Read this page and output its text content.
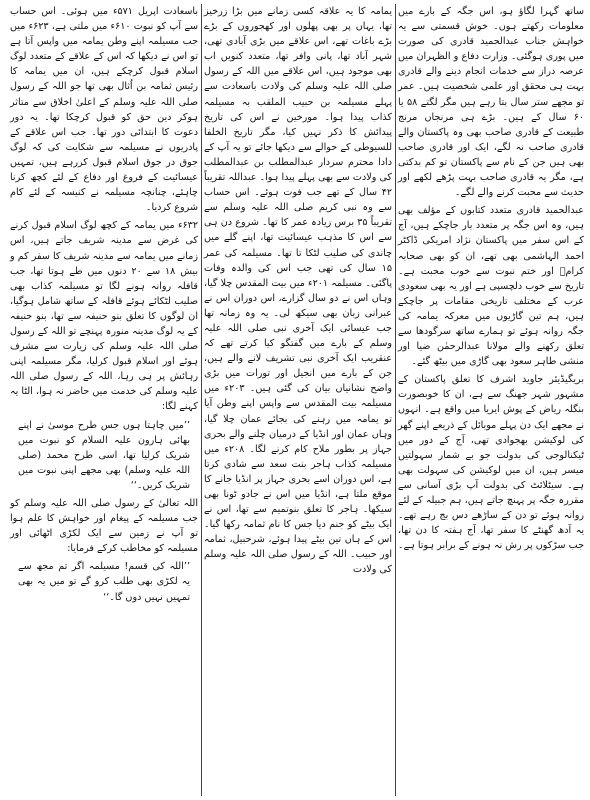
ساتھ گہرا لگاؤ ہو، اس جگہ کے بارے میں معلومات رکھتے ہوں۔ خوش قسمتی سے یہ خواہش جناب عبدالحمید قادری کی صورت میں پوری ہوگئی۔ وزارت دفاع و الظہران میں عرصہ دراز سے خدمات انجام دینے والے قادری بہت ہی محقق اور علمی شخصیت ہیں۔ عمر تو مجھے ستر سال بتا رہے ہیں مگر لگتے ۵۸ یا ۶۰ سال کے ہیں۔ بڑے ہی مرنجاں مرنج طبیعت کے قادری صاحب بھی وہ پاکستان والے قادری صاحب نہ لگے، ایک اور قادری صاحب بھی ہیں جن کے نام سے پاکستان تو کم بدکتی ہے، مگر یہ قادری صاحب بہت پڑھے لکھے اور حدیث سے محبت کرنے والے لگے۔

عبدالحمید قادری متعدد کتابوں کے مؤلف بھی ہیں، وہ اس جگہ پر متعدد بار جاچکے ہیں، آج کے اس سفر میں پاکستان نژاد امریکی ڈاکٹر احمد الہاشمی بھی تھے، ان کو بھی صحابہ کرامؓ اور ختم نبوت سے خوب محبت ہے۔ تاریخ سے خوب دلچسپی ہے اور یہ بھی سعودی عرب کے مختلف تاریخی مقامات پر جاچکے ہیں، ہم تین گاڑیوں میں معرکہ یمامہ کی جگہ روانہ ہوئے تو ہمارے ساتھ سرگودھا سے تعلق رکھنے والے مولانا عبدالرحمٰن ضیا اور منشی طاہر سعود بھی گاڑی میں بیٹھ گئے۔

بریگیڈیئر جاوید اشرف کا تعلق پاکستان کے مشہور شہر جھنگ سے ہے، ان کا خوبصورت بنگلہ ریاض کے پوش ایریا میں واقع ہے۔ انہوں نے مجھے ایک دن پہلے موبائل کے ذریعے اپنے گھر کی لوکیشن بھجوادی تھی، آج کے دور میں ٹیکنالوجی کی بدولت جو بے شمار سہولتیں میسر ہیں، ان میں لوکیشن کی سہولت بھی ہے۔ سیٹلائٹ کی بدولت آپ بڑی آسانی سے مقررہ جگہ پر پہنچ جاتے ہیں، ہم جبیلہ کے لئے روانہ ہوئے تو دن کے ساڑھے دس بج رہے تھے۔ یہ آدھ گھنٹے کا سفر تھا، آج ہفتہ کا دن تھا، جب سڑکوں پر رش نہ ہونے کے برابر ہوتا ہے۔

یمامہ کا یہ علاقہ کسی زمانے میں بڑا زرخیز تھا، یہاں پر بھی پھلوں اور کھجوروں کے بڑے بڑے باغات تھے، اس علاقے میں بڑی آبادی تھی، شہر آباد تھا، پانی وافر تھا، متعدد کنویں اب بھی موجود ہیں، اس علاقے میں اللہ کے رسول صلی اللہ علیہ وسلم کی ولادت باسعادت سے پہلے مسیلمہ بن حبیب الملقب بہ مسیلمہ کذاب پیدا ہوا۔ مورخین نے اس کی تاریخ پیدائش کا ذکر نہیں کیا، مگر تاریخ الخلفا للسیوطی کے حوالے سے دیکھا جائے تو یہ آپ کے دادا محترم سردار عبدالمطلب بن عبدالمطلب کی ولادت سے بھی پہلے پیدا ہوا۔ عبداللہ تقریباً ۴۲ سال کے تھے جب فوت ہوئے۔ اس حساب سے وہ نبی کریم صلی اللہ علیہ وسلم سے تقریباً ۳۵ برس زیادہ عمر کا تھا۔ شروع دن ہی سے اس کا مذہب عیسائیت تھا، اپنے گلے میں چاندی کی صلیب لٹکا تا تھا۔ مسیلمہ کی عمر ۱۵ سال کی تھی جب اس کی والدہ وفات پاگئی۔ مسیلمہ ۲۰۱ء میں بیت المقدس چلا گیا، وہاں اس نے دو سال گزارے، اس دوران اس نے عبرانی زبان بھی سیکھ لی۔ یہ وہ زمانہ تھا جب عیسائی ایک آخری نبی صلی اللہ علیہ وسلم کے بارے میں گفتگو کیا کرتے تھے کہ عنقریب ایک آخری نبی تشریف لانے والے ہیں، جن کے بارے میں انجیل اور تورات میں بڑی واضح نشانیاں بیان کی گئی ہیں۔ ۲۰۳ء میں مسیلمہ بیت المقدس سے واپس اپنے وطن آیا تو یمامہ میں رہنے کی بجائے عمان چلا گیا، وہاں عمان اور انڈیا کے درمیان چلنے والے بحری جہاز پر بطور ملاح کام کرنے لگا۔ ۲۰۸ء میں مسیلمہ کذاب ہاجر بنت سعد سے شادی کرتا ہے، اس دوران اسے بحری جہاز پر انڈیا جانے کا موقع ملتا ہے، انڈیا میں اس نے جادو ٹونا بھی سیکھا۔ ہاجر کا تعلق بنوتمیم سے تھا، اس نے ایک بیٹے کو جنم دیا جس کا نام ثمامہ رکھا گیا۔ اس کے ہاں تین بیٹے پیدا ہوئے، شرحبیل، ثمامہ اور حبیب۔ اللہ کے رسول صلی اللہ علیہ وسلم کی ولادت

باسعادت اپریل ۵۷۱ء میں ہوئی۔ اس حساب سے آپ کو نبوت ۶۱۰ء میں ملتی ہے، ۶۲۳ء میں جب مسیلمہ اپنے وطن یمامہ میں واپس آتا ہے تو اس نے دیکھا کہ اس کے علاقے کے متعدد لوگ اسلام قبول کرچکے ہیں، ان میں یمامہ کا رئیس ثمامہ بن اُثال بھی تھا جو اللہ کے رسول صلی اللہ علیہ وسلم کے اعلیٰ اخلاق سے متاثر ہوکر دین حق کو قبول کرچکا تھا۔ یہ دور دعوت کا ابتدائی دور تھا۔ جب اس علاقے کے پادریوں نے مسیلمہ سے شکایت کی کہ لوگ جوق در جوق اسلام قبول کررہے ہیں، تمہیں عیسائیت کے فروغ اور دفاع کے لئے کچھ کرنا چاہئے، چنانچہ مسیلمہ نے کنیسہ کے لئے کام شروع کردیا۔

۶۳۲ء میں یمامہ کے کچھ لوگ اسلام قبول کرنے کی غرض سے مدینہ شریف جاتے ہیں، اس زمانے میں یمامہ سے مدینہ شریف کا سفر کم و بیش ۱۸ سے ۲۰ دنوں میں طے ہوتا تھا، جب قافلہ روانہ ہونے لگا تو مسیلمہ کذاب بھی صلیب لٹکائے ہوئے قافلہ کے ساتھ شامل ہوگیا، ان لوگوں کا تعلق بنو حنیفہ سے تھا، بنو حنیفہ کے یہ لوگ مدینہ منورہ پہنچے تو اللہ کے رسول صلی اللہ علیہ وسلم کی زیارت سے مشرف ہوئے اور اسلام قبول کرلیا، مگر مسیلمہ اپنی رہائش پر ہی رہا، اللہ کے رسول صلی اللہ علیہ وسلم کی خدمت میں حاضر نہ ہوا، الٹا یہ کہنے لگا:

’’میں چاہتا ہوں جس طرح موسیٰ نے اپنے بھائی ہارون علیہ السلام کو نبوت میں شریک کرلیا تھا، اسی طرح محمد (صلی اللہ علیہ وسلم) بھی مجھے اپنی نبوت میں شریک کریں۔‘‘

اللہ تعالیٰ کے رسول صلی اللہ علیہ وسلم کو جب مسیلمہ کے پیغام اور خواہش کا علم ہوا تو آپ نے زمین سے ایک لکڑی اٹھائی اور مسیلمہ کو مخاطب کرکے فرمایا:

’’اللہ کی قسم! مسیلمہ اگر تم مجھ سے یہ لکڑی بھی طلب کرو گے تو میں یہ بھی تمہیں نہیں دوں گا۔‘‘
